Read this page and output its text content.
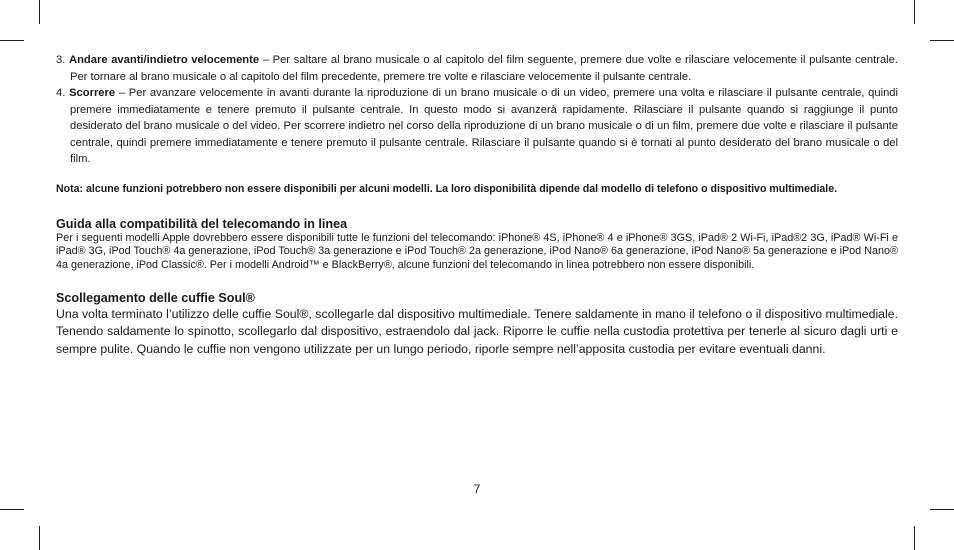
3. Andare avanti/indietro velocemente – Per saltare al brano musicale o al capitolo del film seguente, premere due volte e rilasciare velocemente il pulsante centrale. Per tornare al brano musicale o al capitolo del film precedente, premere tre volte e rilasciare velocemente il pulsante centrale.

4. Scorrere – Per avanzare velocemente in avanti durante la riproduzione di un brano musicale o di un video, premere una volta e rilasciare il pulsante centrale, quindi premere immediatamente e tenere premuto il pulsante centrale. In questo modo si avanzerà rapidamente. Rilasciare il pulsante quando si raggiunge il punto desiderato del brano musicale o del video. Per scorrere indietro nel corso della riproduzione di un brano musicale o di un film, premere due volte e rilasciare il pulsante centrale, quindi premere immediatamente e tenere premuto il pulsante centrale. Rilasciare il pulsante quando si è tornati al punto desiderato del brano musicale o del film.

Nota: alcune funzioni potrebbero non essere disponibili per alcuni modelli. La loro disponibilità dipende dal modello di telefono o dispositivo multimediale.
Guida alla compatibilità del telecomando in linea

Per i seguenti modelli Apple dovrebbero essere disponibili tutte le funzioni del telecomando: iPhone® 4S, iPhone® 4 e iPhone® 3GS, iPad® 2 Wi-Fi, iPad®2 3G, iPad® Wi-Fi e iPad® 3G, iPod Touch® 4a generazione, iPod Touch® 3a generazione e iPod Touch® 2a generazione, iPod Nano® 6a generazione, iPod Nano® 5a generazione e iPod Nano® 4a generazione, iPod Classic®. Per i modelli Android™ e BlackBerry®, alcune funzioni del telecomando in linea potrebbero non essere disponibili.

Scollegamento delle cuffie Soul®

Una volta terminato l’utilizzo delle cuffie Soul®, scollegarle dal dispositivo multimediale. Tenere saldamente in mano il telefono o il dispositivo multimediale. Tenendo saldamente lo spinotto, scollegarlo dal dispositivo, estraendolo dal jack. Riporre le cuffie nella custodia protettiva per tenerle al sicuro dagli urti e sempre pulite. Quando le cuffie non vengono utilizzate per un lungo periodo, riporle sempre nell’apposita custodia per evitare eventuali danni.

7
